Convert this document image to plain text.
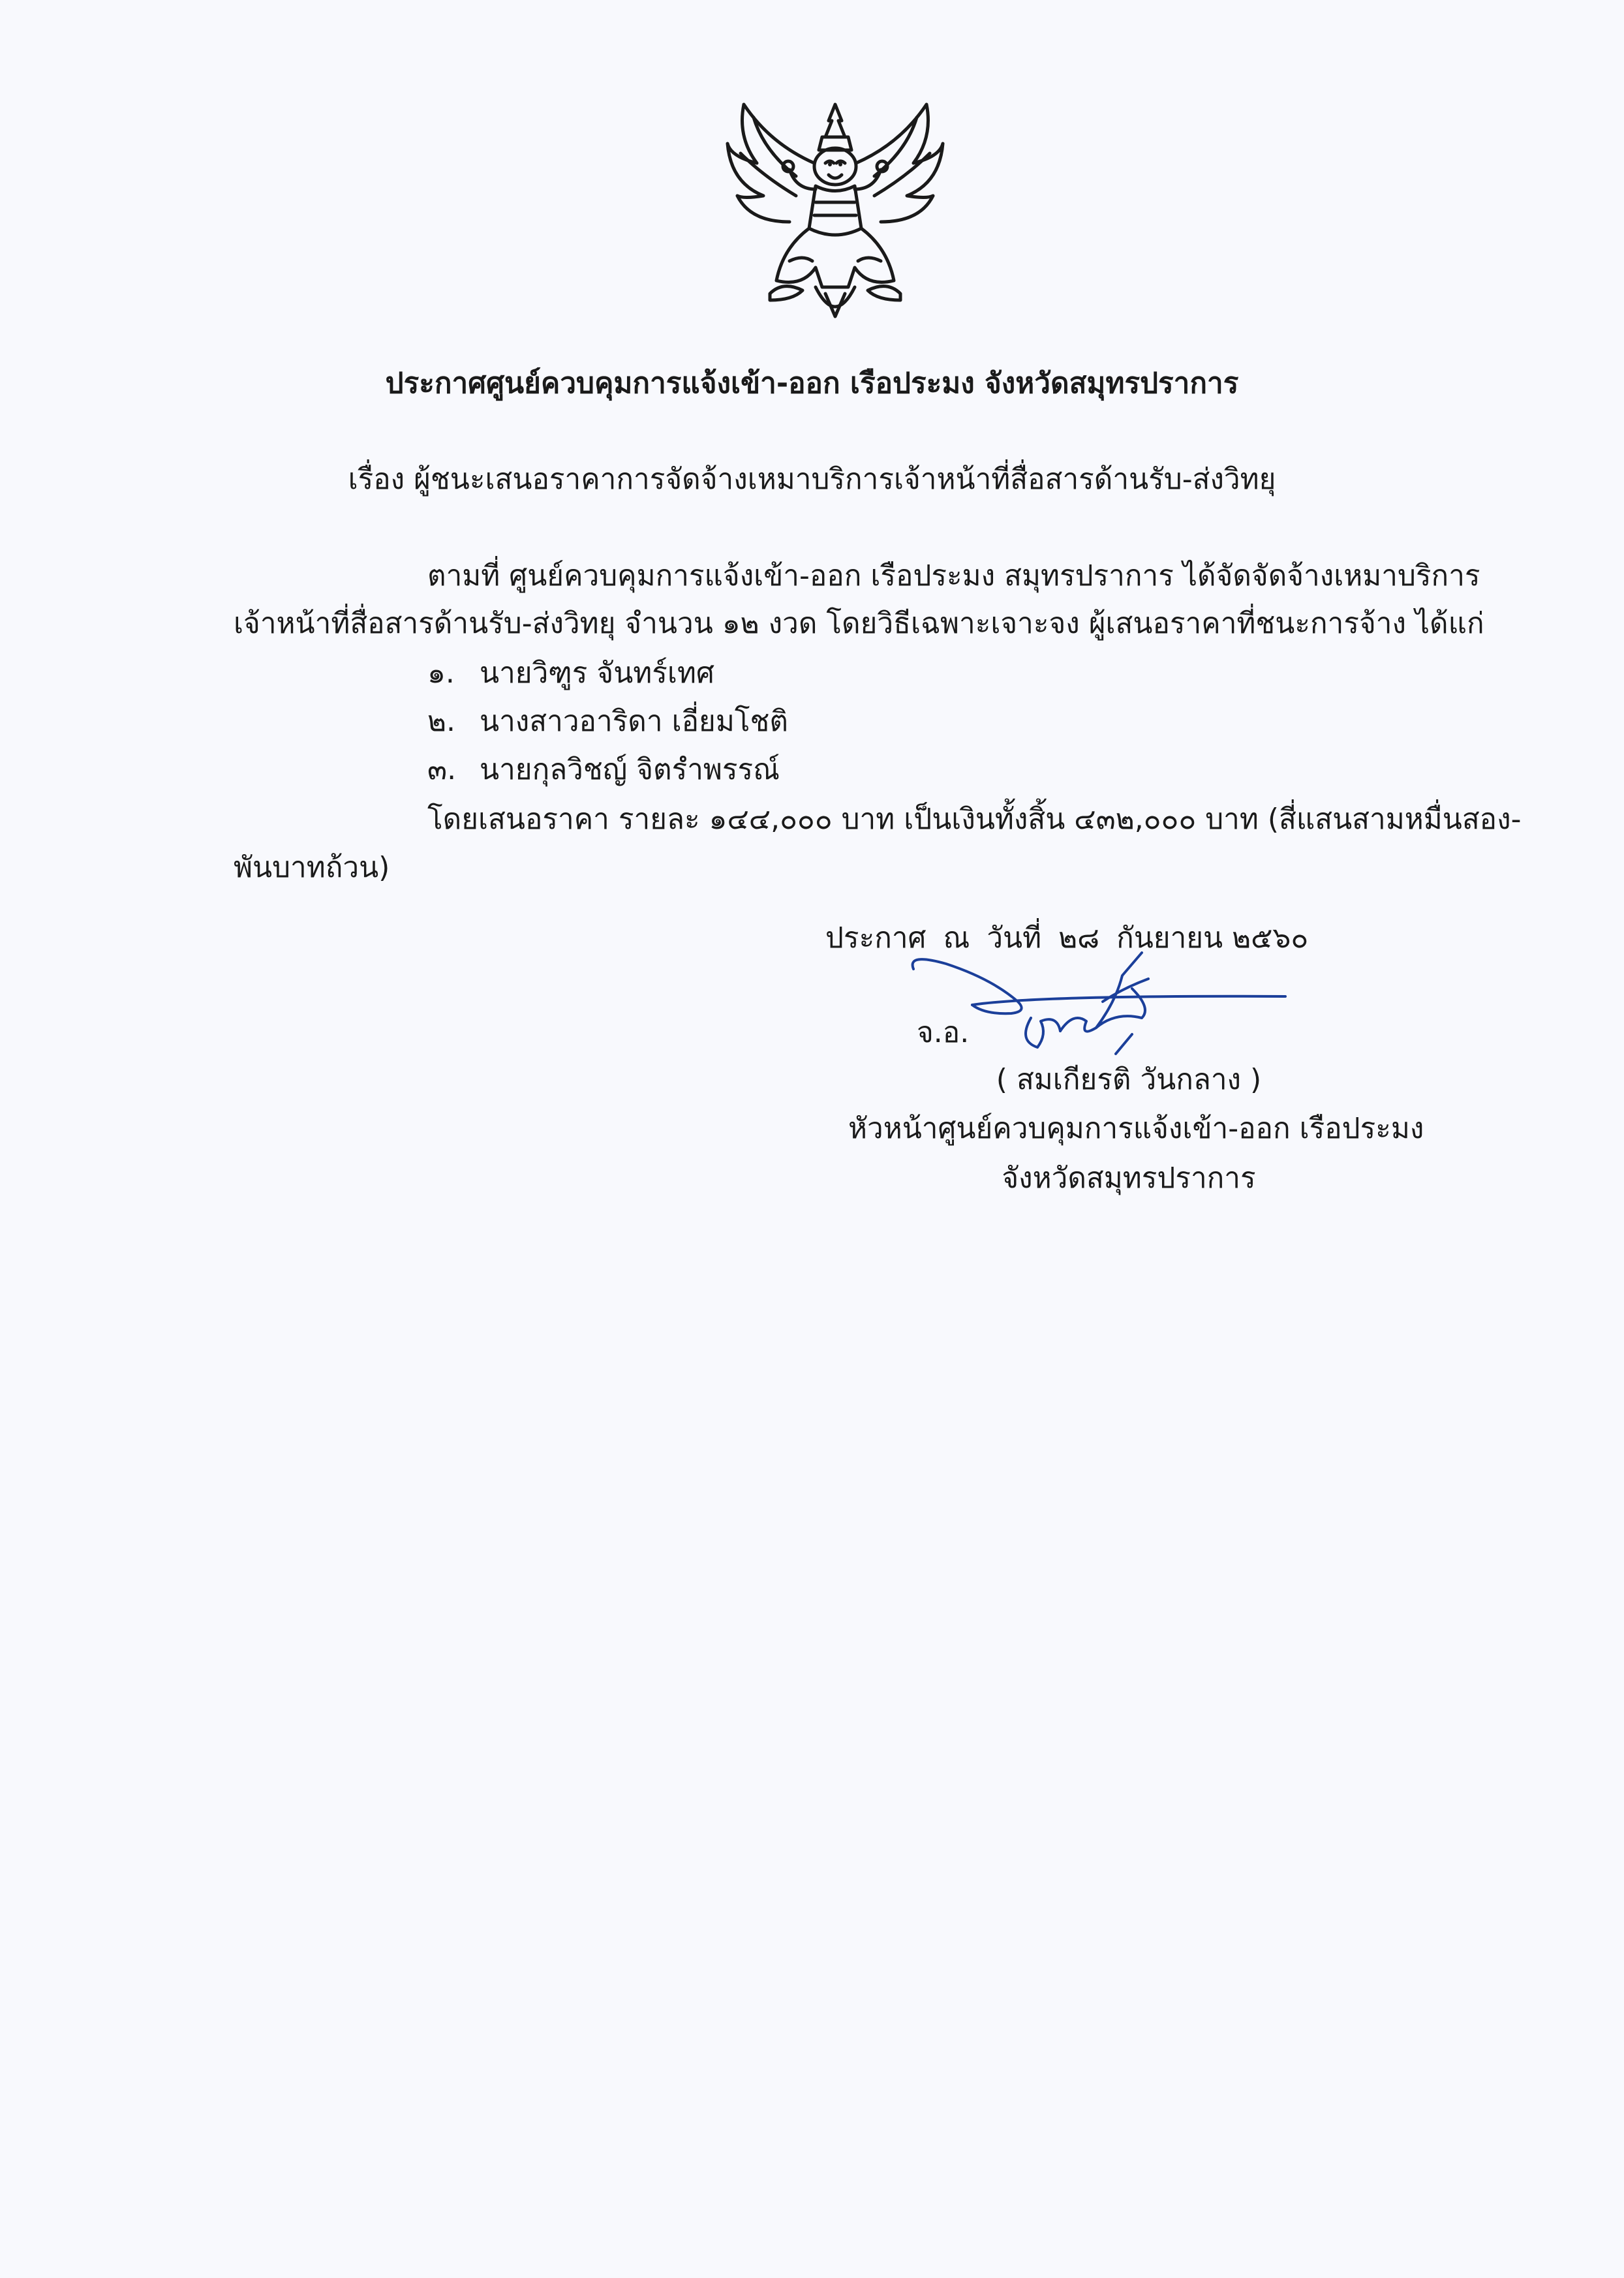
ประกาศศูนย์ควบคุมการแจ้งเข้า-ออก เรือประมง จังหวัดสมุทรปราการ
เรื่อง ผู้ชนะเสนอราคาการจัดจ้างเหมาบริการเจ้าหน้าที่สื่อสารด้านรับ-ส่งวิทยุ
ตามที่ ศูนย์ควบคุมการแจ้งเข้า-ออก เรือประมง สมุทรปราการ ได้จัดจัดจ้างเหมาบริการ
เจ้าหน้าที่สื่อสารด้านรับ-ส่งวิทยุ จำนวน ๑๒ งวด โดยวิธีเฉพาะเจาะจง ผู้เสนอราคาที่ชนะการจ้าง ได้แก่
๑. นายวิฑูร จันทร์เทศ
๒. นางสาวอาริดา เอี่ยมโชติ
๓. นายกุลวิชญ์ จิตรำพรรณ์
โดยเสนอราคา รายละ ๑๔๔,๐๐๐ บาท เป็นเงินทั้งสิ้น ๔๓๒,๐๐๐ บาท (สี่แสนสามหมื่นสอง-
พันบาทถ้วน)
ประกาศ ณ วันที่ ๒๘ กันยายน ๒๕๖๐
จ.อ.
( สมเกียรติ วันกลาง )
หัวหน้าศูนย์ควบคุมการแจ้งเข้า-ออก เรือประมง
จังหวัดสมุทรปราการ
